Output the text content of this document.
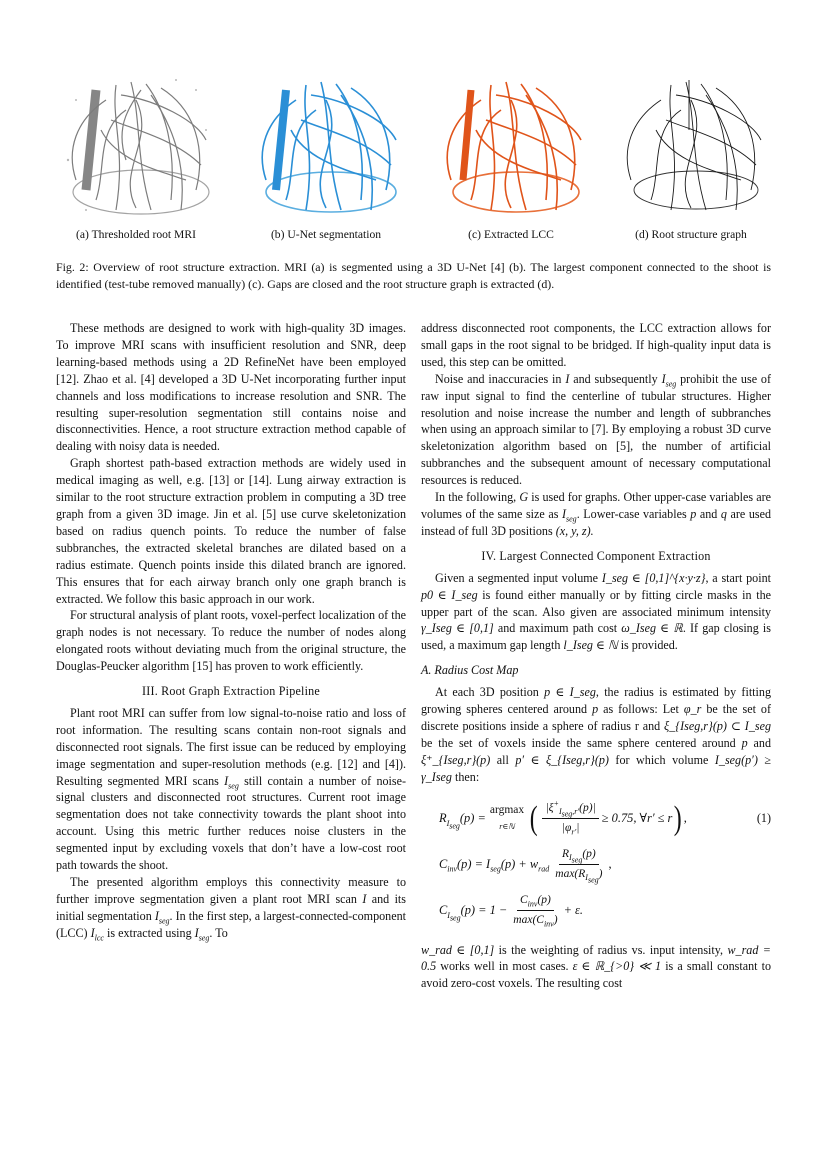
(a) Thresholded root MRI	(b) U-Net segmentation	(c) Extracted LCC	(d) Root structure graph
Fig. 2: Overview of root structure extraction. MRI (a) is segmented using a 3D U-Net [4] (b). The largest component connected to the shoot is identified (test-tube removed manually) (c). Gaps are closed and the root structure graph is extracted (d).

These methods are designed to work with high-quality 3D images. To improve MRI scans with insufficient resolution and SNR, deep learning-based methods using a 2D RefineNet have been employed [12]. Zhao et al. [4] developed a 3D U-Net incorporating further input channels and loss modifications to increase resolution and SNR. The resulting super-resolution segmentation still contains noise and disconnectivities. Hence, a root structure extraction method capable of dealing with noisy data is needed.

Graph shortest path-based extraction methods are widely used in medical imaging as well, e.g. [13] or [14]. Lung airway extraction is similar to the root structure extraction problem in computing a 3D tree graph from a given 3D image. Jin et al. [5] use curve skeletonization based on radius quench points. To reduce the number of false subbranches, the extracted skeletal branches are dilated based on a radius estimate. Quench points inside this dilated branch are ignored. This ensures that for each airway branch only one graph branch is extracted. We follow this basic approach in our work.

For structural analysis of plant roots, voxel-perfect localization of the graph nodes is not necessary. To reduce the number of nodes along elongated roots without deviating much from the original structure, the Douglas-Peucker algorithm [15] has proven to work efficiently.

III. Root Graph Extraction Pipeline

Plant root MRI can suffer from low signal-to-noise ratio and loss of root information. The resulting scans contain non-root signals and disconnected root signals. The first issue can be reduced by employing image segmentation and super-resolution methods (e.g. [12] and [4]). Resulting segmented MRI scans $I_{seg}$ still contain a number of noise-signal clusters and disconnected root structures. Current root image segmentation does not take connectivity towards the plant shoot into account. Using this metric further reduces noise clusters in the segmented input by excluding voxels that don’t have a low-cost root path towards the shoot.

The presented algorithm employs this connectivity measure to further improve segmentation given a plant root MRI scan I and its initial segmentation $I_{seg}$. In the first step, a largest-connected-component (LCC) $I_{lcc}$ is extracted using $I_{seg}$. To

address disconnected root components, the LCC extraction allows for small gaps in the root signal to be bridged. If high-quality input data is used, this step can be omitted.

Noise and inaccuracies in I and subsequently $I_{seg}$ prohibit the use of raw input signal to find the centerline of tubular structures. Higher resolution and noise increase the number and length of subbranches when using an approach similar to [7]. By employing a robust 3D curve skeletonization algorithm based on [5], the number of artificial subbranches and the subsequent amount of necessary computational resources is reduced.

In the following, G is used for graphs. Other upper-case variables are volumes of the same size as $I_{seg}$. Lower-case variables p and q are used instead of full 3D positions (x, y, z).

IV. Largest Connected Component Extraction

Given a segmented input volume I_seg ∈ [0,1]^{x·y·z}, a start point p0 ∈ I_seg is found either manually or by fitting circle masks in the upper part of the scan. Also given are associated minimum intensity γ_Iseg ∈ [0,1] and maximum path cost ω_Iseg ∈ ℝ. If gap closing is used, a maximum gap length l_Iseg ∈ ℕ is provided.

A. Radius Cost Map

At each 3D position p ∈ I_seg, the radius is estimated by fitting growing spheres centered around p as follows: Let φ_r be the set of discrete positions inside a sphere of radius r and ξ_{Iseg,r}(p) ⊂ I_seg be the set of voxels inside the same sphere centered around p and ξ⁺_{Iseg,r}(p) all p′ ∈ ξ_{Iseg,r}(p) for which volume I_seg(p′) ≥ γ_Iseg then:

$R_{I_{seg}}(p)$ =
argmax
r∈ℕ ( $\frac{|\xi^+_{I_{seg},r'}(p)|}{|\varphi_{r'}|} \ge 0.75$, ∀r′ ≤ r ) ,	(1)
$C_{inv}(p) = I_{seg}(p) + w_{rad} \frac{R_{I_{seg}}(p)}{\max(R_{I_{seg}})}$ ,
$C_{I_{seg}}(p) = 1 - \frac{C_{inv}(p)}{\max(C_{inv})} + \varepsilon$.

w_rad ∈ [0,1] is the weighting of radius vs. input intensity, w_rad = 0.5 works well in most cases. ε ∈ ℝ_{>0} ≪ 1 is a small constant to avoid zero-cost voxels. The resulting cost
